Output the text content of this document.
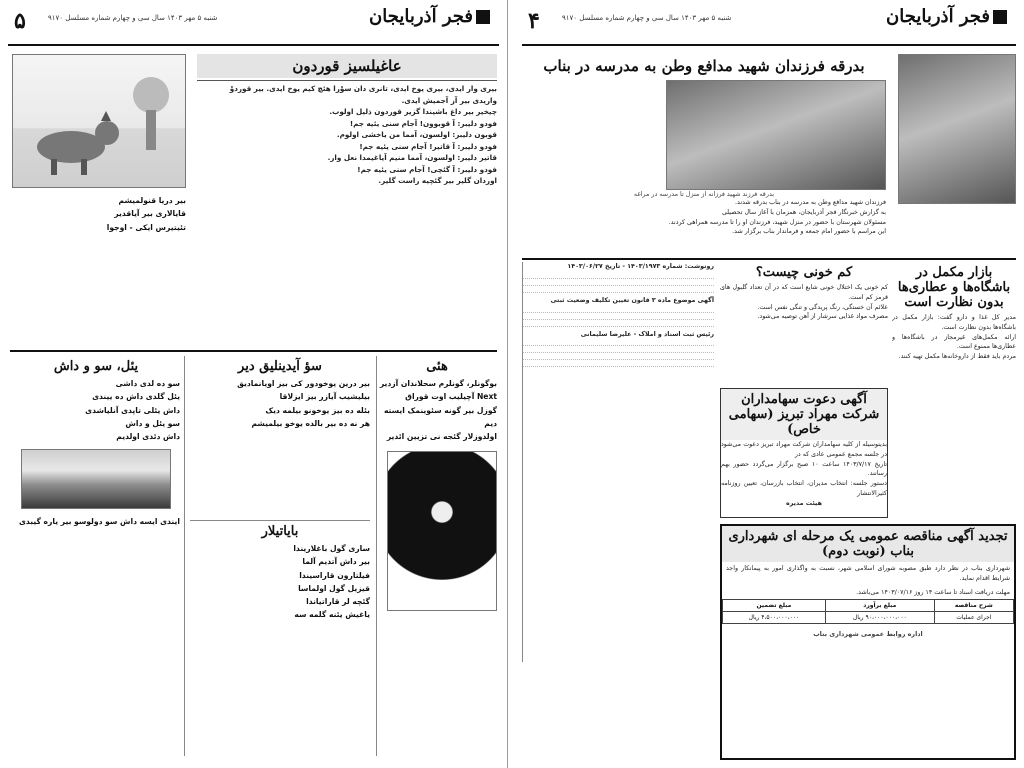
۵	فجر آذربایجان
شنبه ۵ مهر ۱۴۰۳ سال سی و چهارم شماره مسلسل ۹۱۷۰
عاغیلسیز قوردون
بیری وار ایدی، بیری یوخ ایدی، تانری دان سوْرا هئچ کیم یوخ ایدی. بیر قوردوْ
واریدی بیر آز آجمیش ایدی.
چیخیر بیر داغ باشیندا گزیر قوردون ذلیل اولوب.
فودو دلیبر: آ قوبوون! آجام سنی یئیه جم!
قوبون دلیبر: اولسون، آمما من یاخشی اولوم.
فودو دلیبر: آ قاتیر! آجام سنی یئیه جم!
قاتیر دلیبر: اولسون، آمما منیم آیاغیمدا نعل وار.
فودو دلیبر: آ گئچی! آجام سنی یئیه جم!
اوردان گلیر بیر گئچیه راست گلیر.
بیر دریا قنولمیشم
قایالاری بیر آیاقدیر
تئیتیرس ایکی - اوجوا
هئی
بوگونلر، گونلرم سحلاندان آزدیر
Next آچیلیب اوت قوراق
گوزل بیر گونه سئوینمک ایسته دیم
اولدوزلار گئجه نی تزیین ائدیر
سؤ آیدینلیق دیر
بیر درین یوخودور کی بیز اویانمادیق
بیلیشیب آیازر بیز ایزلاقا
بئله ده بیز یوخونو بیلمه دیک
هر نه ده بیر بالده یوخو بیلمیشم
بایاتیلار
ساری گول باغلاریندا
بیر داش آتدیم آلما
فیلتارون قاراسیندا
قیزیل گول اولماسا
گئچه لر قاراتیاندا
یاغیش یئنه گلمه سه
یئل، سو و داش
سو ده لدی داشی
یئل گلدی داش ده ییندی
داش یئلی تاپدی آنلیاشدی
سو یئل و داش
داش دئدی اولدیم
ایندی ایسه داش سو دولوسو بیر یاره گیبدی
۴	فجر آذربایجان
شنبه ۵ مهر ۱۴۰۳ سال سی و چهارم شماره مسلسل ۹۱۷۰
بدرقه فرزندان شهید مدافع وطن به مدرسه در بناب
بدرقه فرزند شهید فرزانه از منزل تا مدرسه در مراغه
فرزندان شهید مدافع وطن به مدرسه در بناب بدرقه شدند.
به گزارش خبرنگار فجر آذربایجان، همزمان با آغاز سال تحصیلی
مسئولان شهرستان با حضور در منزل شهید، فرزندان او را تا مدرسه همراهی کردند.
این مراسم با حضور امام جمعه و فرماندار بناب برگزار شد.
بازار مکمل در باشگاه‌ها و عطاری‌ها بدون نظارت است
مدیر کل غذا و دارو گفت: بازار مکمل در باشگاه‌ها بدون نظارت است.
ارائه مکمل‌های غیرمجاز در باشگاه‌ها و عطاری‌ها ممنوع است.
مردم باید فقط از داروخانه‌ها مکمل تهیه کنند.
کم خونی چیست؟
کم خونی یک اختلال خونی شایع است که در آن تعداد گلبول های قرمز کم است.
علائم آن خستگی، رنگ پریدگی و تنگی نفس است.
مصرف مواد غذایی سرشار از آهن توصیه می‌شود.
رونوشت: شماره ۱۴۰۳/۱۹۷۳ - تاریخ ۱۴۰۳/۰۶/۲۷
آگهی موضوع ماده ۳ قانون تعیین تکلیف وضعیت ثبتی
رئیس ثبت اسناد و املاک - علیرضا سلیمانی
آگهی دعوت سهامداران شرکت مهراد تبریز (سهامی خاص)
بدینوسیله از کلیه سهامداران شرکت مهراد تبریز دعوت می‌شود در جلسه مجمع عمومی عادی که در
تاریخ ۱۴۰۳/۷/۱۷ ساعت ۱۰ صبح برگزار می‌گردد حضور بهم رسانند.
دستور جلسه: انتخاب مدیران، انتخاب بازرسان، تعیین روزنامه کثیرالانتشار
هیئت مدیره
تجدید آگهی مناقصه عمومی یک مرحله ای شهرداری بناب (نوبت دوم)
شهرداری بناب در نظر دارد طبق مصوبه شورای اسلامی شهر، نسبت به واگذاری امور به پیمانکار واجد شرایط اقدام نماید.
مهلت دریافت اسناد تا ساعت ۱۴ روز ۱۴۰۳/۰۷/۱۶ می‌باشد.
شرح مناقصه	مبلغ برآورد	مبلغ تضمین
اجرای عملیات	۹۰،۰۰۰،۰۰۰،۰۰۰ ریال	۴،۵۰۰،۰۰۰،۰۰۰ ریال
اداره روابط عمومی شهرداری بناب
